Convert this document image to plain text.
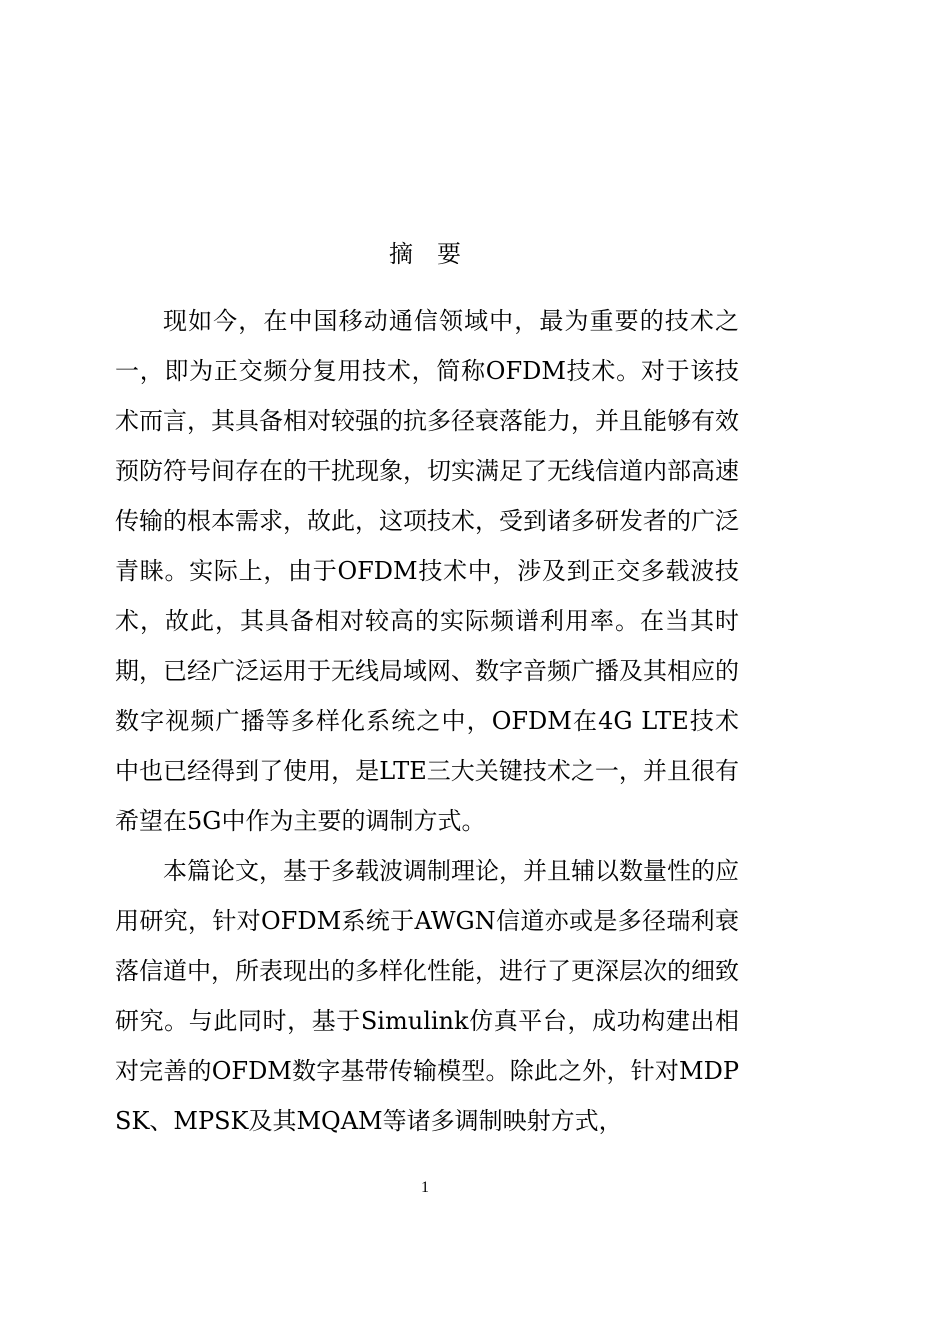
摘要

现如今，在中国移动通信领域中，最为重要的技术之一，即为正交频分复用技术，简称OFDM技术。对于该技术而言，其具备相对较强的抗多径衰落能力，并且能够有效预防符号间存在的干扰现象，切实满足了无线信道内部高速传输的根本需求，故此，这项技术，受到诸多研发者的广泛青睐。实际上，由于OFDM技术中，涉及到正交多载波技术，故此，其具备相对较高的实际频谱利用率。在当其时期，已经广泛运用于无线局域网、数字音频广播及其相应的数字视频广播等多样化系统之中，OFDM在4G LTE技术中也已经得到了使用，是LTE三大关键技术之一，并且很有希望在5G中作为主要的调制方式。

本篇论文，基于多载波调制理论，并且辅以数量性的应用研究，针对OFDM系统于AWGN信道亦或是多径瑞利衰落信道中，所表现出的多样化性能，进行了更深层次的细致研究。与此同时，基于Simulink仿真平台，成功构建出相对完善的OFDM数字基带传输模型。除此之外，针对MDPSK、MPSK及其MQAM等诸多调制映射方式，

1
